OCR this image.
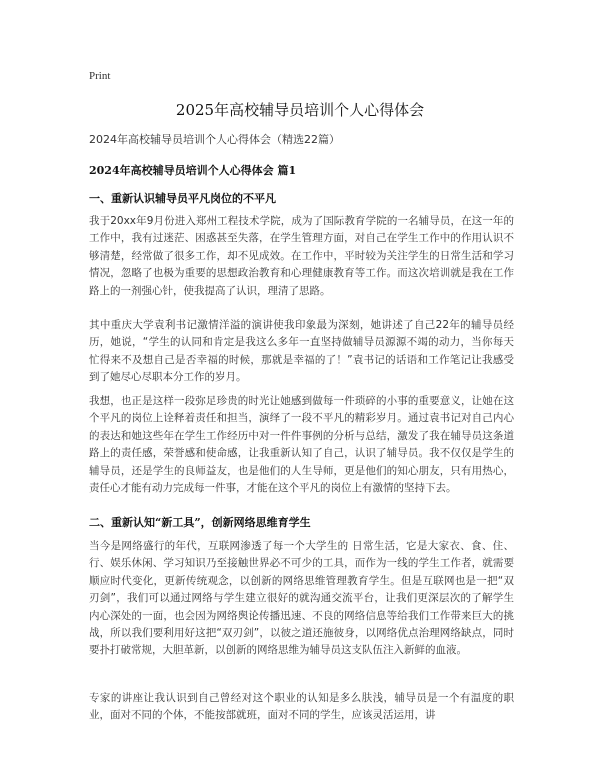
Print
2025年高校辅导员培训个人心得体会
2024年高校辅导员培训个人心得体会（精选22篇）
2024年高校辅导员培训个人心得体会 篇1
一、重新认识辅导员平凡岗位的不平凡
我于20xx年9月份进入郑州工程技术学院，成为了国际教育学院的一名辅导员，在这一年的工作中，我有过迷茫、困惑甚至失落，在学生管理方面，对自己在学生工作中的作用认识不够清楚，经常做了很多工作，却不见成效。在工作中，平时较为关注学生的日常生活和学习情况，忽略了也极为重要的思想政治教育和心理健康教育等工作。而这次培训就是我在工作路上的一剂强心针，使我提高了认识，理清了思路。
其中重庆大学袁利书记激情洋溢的演讲使我印象最为深刻，她讲述了自己22年的辅导员经历，她说，“学生的认同和肯定是我这么多年一直坚持做辅导员源源不竭的动力，当你每天忙得来不及想自己是否幸福的时候，那就是幸福的了！”袁书记的话语和工作笔记让我感受到了她尽心尽职本分工作的岁月。
我想，也正是这样一段弥足珍贵的时光让她感到做每一件琐碎的小事的重要意义，让她在这个平凡的岗位上诠释着责任和担当，演绎了一段不平凡的精彩岁月。通过袁书记对自己内心的表达和她这些年在学生工作经历中对一件件事例的分析与总结，激发了我在辅导员这条道路上的责任感，荣誉感和使命感，让我重新认知了自己，认识了辅导员。我不仅仅是学生的辅导员，还是学生的良师益友，也是他们的人生导师，更是他们的知心朋友，只有用热心，责任心才能有动力完成每一件事，才能在这个平凡的岗位上有激情的坚持下去。
二、重新认知“新工具”，创新网络思维育学生
当今是网络盛行的年代，互联网渗透了每一个大学生的 日常生活，它是大家衣、食、住、行、娱乐休闲、学习知识乃至接触世界必不可少的工具，而作为一线的学生工作者，就需要顺应时代变化，更新传统观念，以创新的网络思维管理教育学生。但是互联网也是一把“双刃剑”，我们可以通过网络与学生建立很好的就沟通交流平台，让我们更深层次的了解学生内心深处的一面，也会因为网络舆论传播迅速、不良的网络信息等给我们工作带来巨大的挑战，所以我们要利用好这把“双刃剑”，以彼之道还施彼身，以网络优点治理网络缺点，同时要扑打破常规，大胆革新，以创新的网络思维为辅导员这支队伍注入新鲜的血液。
专家的讲座让我认识到自己曾经对这个职业的认知是多么肤浅，辅导员是一个有温度的职业，面对不同的个体，不能按部就班，面对不同的学生，应该灵活运用，讲
